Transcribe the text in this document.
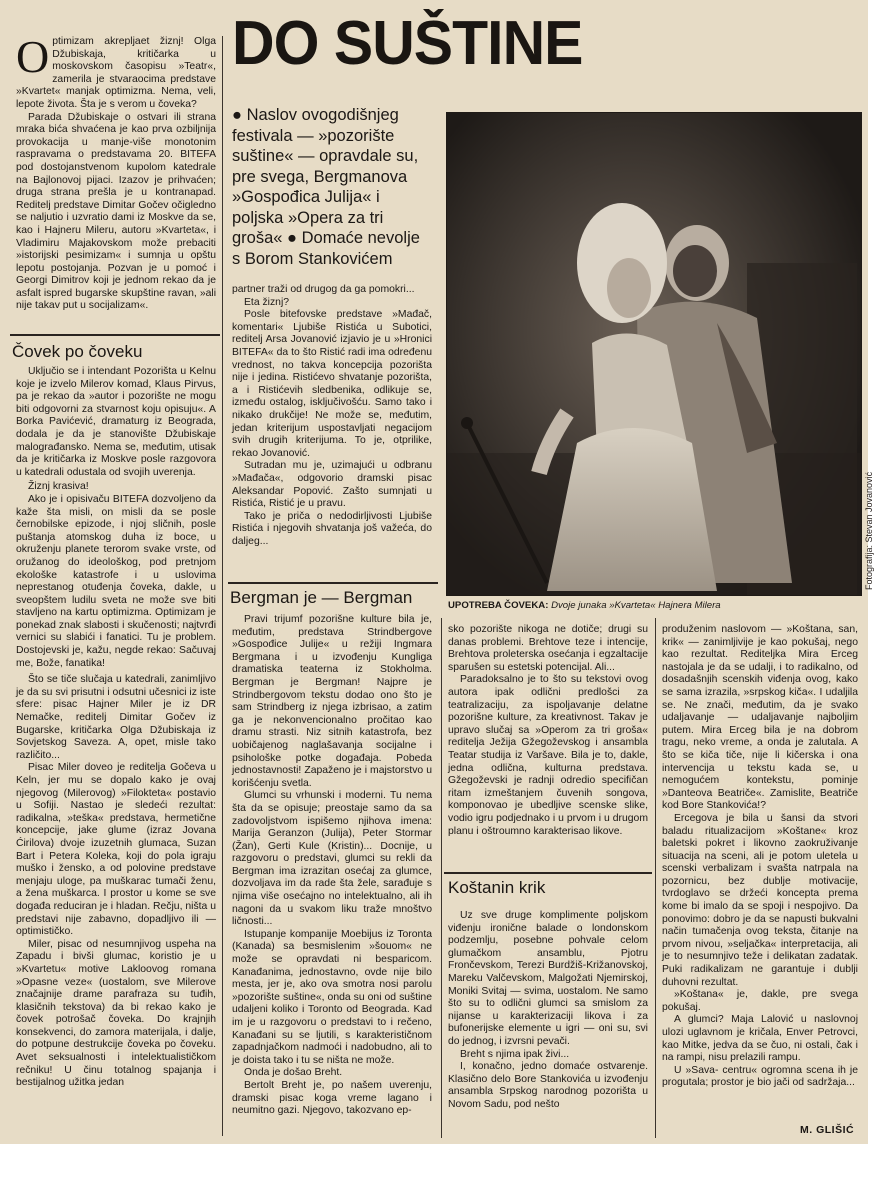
DO SUŠTINE

Optimizam akrepljaet žiznj! Olga Džubiskaja, kritičarka u moskovskom časopisu »Teatr«, zamerila je stvaraocima predstave »Kvartet« manjak optimizma. Nema, veli, lepote života. Šta je s verom u čoveka?

Parada Džubiskaje o ostvari ili strana mraka bića shvaćena je kao prva ozbiljnija provokacija u manje-više monotonim raspravama o predstavama 20. BITEFA pod dostojanstvenom kupolom katedrale na Bajlonovoj pijaci. Izazov je prihvaćen; druga strana prešla je u kontranapad. Reditelj predstave Dimitar Gočev očigledno se naljutio i uzvratio dami iz Moskve da se, kao i Hajneru Mileru, autoru »Kvarteta«, i Vladimiru Majakovskom može prebaciti »istorijski pesimizam« i sumnja u opštu lepotu postojanja. Pozvan je u pomoć i Georgi Dimitrov koji je jednom rekao da je asfalt ispred bugarske skupštine ravan, »ali nije takav put u socijalizam«.

Čovek po čoveku

Uključio se i intendant Pozorišta u Kelnu koje je izvelo Milerov komad, Klaus Pirvus, pa je rekao da »autor i pozorište ne mogu biti odgovorni za stvarnost koju opisuju«. A Borka Pavićević, dramaturg iz Beograda, dodala je da je stanovište Džubiskaje malograđansko. Nema se, međutim, utisak da je kritičarka iz Moskve posle razgovora u katedrali odustala od svojih uverenja.

Žiznj krasiva!

Ako je i opisivaču BITEFA dozvoljeno da kaže šta misli, on misli da se posle černobilske epizode, i njoj sličnih, posle puštanja atomskog duha iz boce, u okruženju planete terorom svake vrste, od oružanog do ideološkog, pod pretnjom ekološke katastrofe i u uslovima neprestanog otuđenja čoveka, dakle, u sveopštem ludilu sveta ne može sve biti stavljeno na kartu optimizma. Optimizam je ponekad znak slabosti i skučenosti; najtvrđi vernici su slabići i fanatici. Tu je problem. Dostojevski je, kažu, negde rekao: Sačuvaj me, Bože, fanatika!

Što se tiče slučaja u katedrali, zanimljivo je da su svi prisutni i odsutni učesnici iz iste sfere: pisac Hajner Miler je iz DR Nemačke, reditelj Dimitar Gočev iz Bugarske, kritičarka Olga Džubiskaja iz Sovjetskog Saveza. A, opet, misle tako različito...

Pisac Miler doveo je reditelja Gočeva u Keln, jer mu se dopalo kako je ovaj njegovog (Milerovog) »Filokteta« postavio u Sofiji. Nastao je sledeći rezultat: radikalna, »teška« predstava, hermetične koncepcije, jake glume (izraz Jovana Ćirilova) dvoje izuzetnih glumaca, Suzan Bart i Petera Koleka, koji do pola igraju muško i žensko, a od polovine predstave menjaju uloge, pa muškarac tumači ženu, a žena muškarca. I prostor u kome se sve događa reduciran je i hladan. Rečju, ništa u predstavi nije zabavno, dopadljivo ili — optimističko.

Miler, pisac od nesumnjivog uspeha na Zapadu i bivši glumac, koristio je u »Kvartetu« motive Lakloovog romana »Opasne veze« (uostalom, sve Milerove značajnije drame parafraza su tuđih, klasičnih tekstova) da bi rekao kako je čovek potrošač čoveka. Do krajnjih konsekvenci, do zamora materijala, i dalje, do potpune destrukcije čoveka po čoveku. Avet seksualnosti i intelektualističkom rečniku! U činu totalnog spajanja i bestijalnog užitka jedan

● Naslov ovogodišnjeg festivala — »pozorište suštine« — opravdale su, pre svega, Bergmanova »Gospođica Julija« i poljska »Opera za tri groša« ● Domaće nevolje s Borom Stankovićem
Fotografija: Stevan Jovanović
UPOTREBA ČOVEKA: Dvoje junaka »Kvarteta« Hajnera Milera

partner traži od drugog da ga pomokri...

Eta žiznj?

Posle bitefovske predstave »Mađač, komentari« Ljubiše Ristića u Subotici, reditelj Arsa Jovanović izjavio je u »Hronici BITEFA« da to što Ristić radi ima određenu vrednost, no takva koncepcija pozorišta nije i jedina. Ristićevo shvatanje pozorišta, a i Ristićevih sledbenika, odlikuje se, između ostalog, isključivošću. Samo tako i nikako drukčije! Ne može se, međutim, jedan kriterijum uspostavljati negacijom svih drugih kriterijuma. To je, otprilike, rekao Jovanović.

Sutradan mu je, uzimajući u odbranu »Mađača«, odgovorio dramski pisac Aleksandar Popović. Zašto sumnjati u Ristića, Ristić je u pravu.

Tako je priča o nedodirljivosti Ljubiše Ristića i njegovih shvatanja još važeća, do daljeg...

Bergman je — Bergman

Pravi trijumf pozorišne kulture bila je, međutim, predstava Strindbergove »Gospođice Julije« u režiji Ingmara Bergmana i u izvođenju Kungliga dramatiska teaterna iz Stokholma. Bergman je Bergman! Najpre je Strindbergovom tekstu dodao ono što je sam Strindberg iz njega izbrisao, a zatim ga je nekonvencionalno pročitao kao dramu strasti. Niz sitnih katastrofa, bez uobičajenog naglašavanja socijalne i psihološke potke događaja. Pobeda jednostavnosti! Zapaženo je i majstorstvo u korišćenju svetla.

Glumci su vrhunski i moderni. Tu nema šta da se opisuje; preostaje samo da sa zadovoljstvom ispišemo njihova imena: Marija Geranzon (Julija), Peter Stormar (Žan), Gerti Kule (Kristin)... Docnije, u razgovoru o predstavi, glumci su rekli da Bergman ima izrazitan osećaj za glumce, dozvoljava im da rade šta žele, sarađuje s njima više osećajno no intelektualno, ali ih nagoni da u svakom liku traže mnoštvo ličnosti...

Istupanje kompanije Moebijus iz Toronta (Kanada) sa besmislenim »šouom« ne može se opravdati ni besparicom. Kanađanima, jednostavno, ovde nije bilo mesta, jer je, ako ova smotra nosi parolu »pozorište suštine«, onda su oni od suštine udaljeni koliko i Toronto od Beograda. Kad im je u razgovoru o predstavi to i rečeno, Kanađani su se ljutili, s karakterističnom zapadnjačkom nadmoći i nadobudno, ali to je doista tako i tu se ništa ne može.

Onda je došao Breht.

Bertolt Breht je, po našem uverenju, dramski pisac koga vreme lagano i neumitno gazi. Njegovo, takozvano ep-

sko pozorište nikoga ne dotiče; drugi su danas problemi. Brehtove teze i intencije, Brehtova proleterska osećanja i egzaltacije sparušen su estetski potencijal. Ali...

Paradoksalno je to što su tekstovi ovog autora ipak odlični predlošci za teatralizaciju, za ispoljavanje delatne pozorišne kulture, za kreativnost. Takav je upravo slučaj sa »Operom za tri groša« reditelja Ježija Gžegoževskog i ansambla Teatar studija iz Varšave. Bila je to, dakle, jedna odlična, kulturna predstava. Gžegoževski je radnji odredio specifičan ritam izmeštanjem čuvenih songova, komponovao je ubedljive scenske slike, vodio igru podjednako i u prvom i u drugom planu i oštroumno karakterisao likove.

Koštanin krik

Uz sve druge komplimente poljskom viđenju ironične balade o londonskom podzemlju, posebne pohvale celom glumačkom ansamblu, Pjotru Frončevskom, Terezi Burdžiš-Križanovskoj, Mareku Valčevskom, Malgožati Njemirskoj, Moniki Svitaj — svima, uostalom. Ne samo što su to odlični glumci sa smislom za nijanse u karakterizaciji likova i za bufonerijske elemente u igri — oni su, svi do jednog, i izvrsni pevači.

Breht s njima ipak živi...

I, konačno, jedno domaće ostvarenje. Klasično delo Bore Stankovića u izvođenju ansambla Srpskog narodnog pozorišta u Novom Sadu, pod nešto

produženim naslovom — »Koštana, san, krik« — zanimljivije je kao pokušaj, nego kao rezultat. Rediteljka Mira Erceg nastojala je da se udalji, i to radikalno, od dosadašnjih scenskih viđenja ovog, kako se sama izrazila, »srpskog kiča«. I udaljila se. Ne znači, međutim, da je svako udaljavanje — udaljavanje najboljim putem. Mira Erceg bila je na dobrom tragu, neko vreme, a onda je zalutala. A što se kiča tiče, nije li kičerska i ona intervencija u tekstu kada se, u nemogućem kontekstu, pominje »Danteova Beatriče«. Zamislite, Beatriče kod Bore Stankovića!?

Ercegova je bila u šansi da stvori baladu ritualizacijom »Koštane« kroz baletski pokret i likovno zaokruživanje situacija na sceni, ali je potom uletela u scenski verbalizam i svašta natrpala na pozornicu, bez dublje motivacije, tvrdoglavo se držeći koncepta prema kome bi imalo da se spoji i nespojivo. Da ponovimo: dobro je da se napusti bukvalni način tumačenja ovog teksta, čitanje na prvom nivou, »seljačka« interpretacija, ali je to nesumnjivo teže i delikatan zadatak. Puki radikalizam ne garantuje i dublji duhovni rezultat.

»Koštana« je, dakle, pre svega pokušaj.

A glumci? Maja Lalović u naslovnoj ulozi uglavnom je kričala, Enver Petrovci, kao Mitke, jedva da se čuo, ni ostali, čak i na rampi, nisu prelazili rampu.

U »Sava- centru« ogromna scena ih je progutala; prostor je bio jači od sadržaja...

M. GLIŠIĆ
